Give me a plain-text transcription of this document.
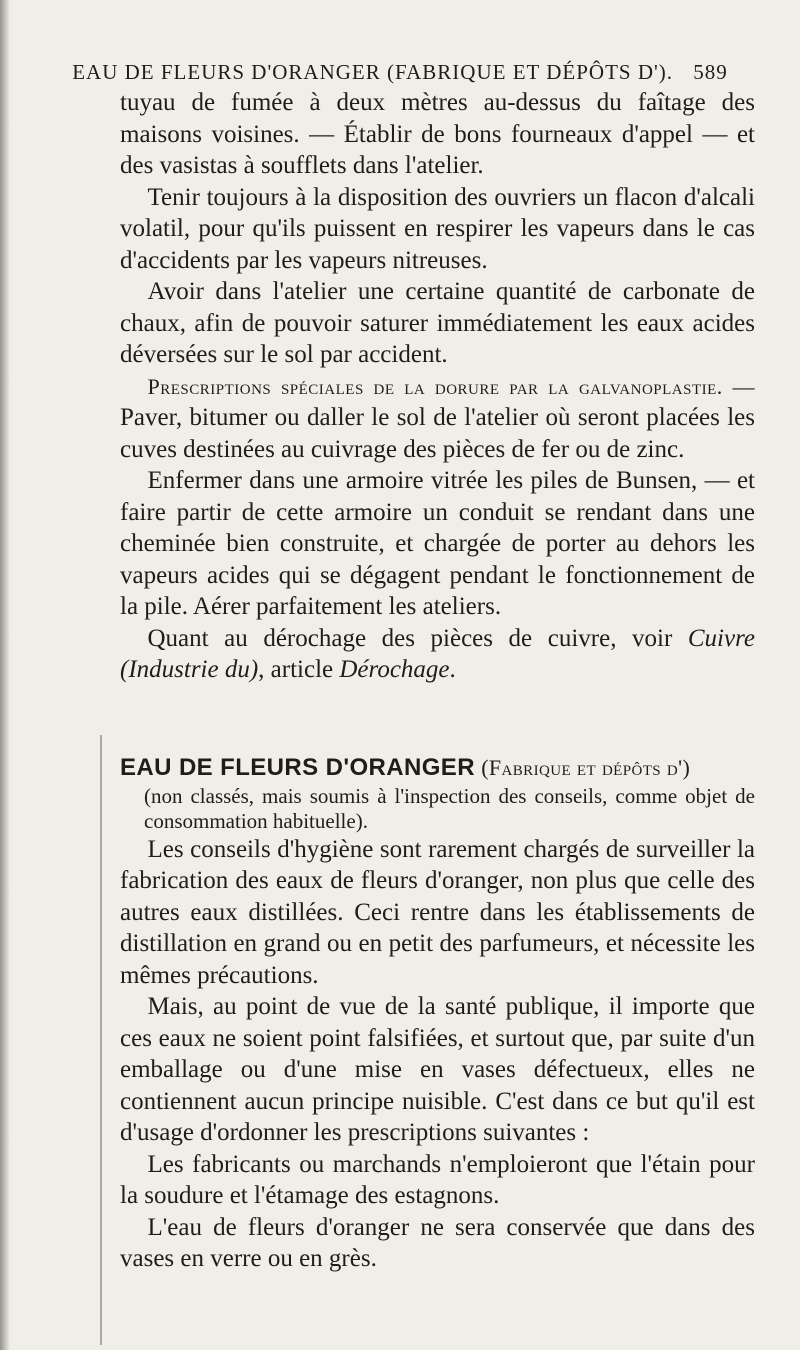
EAU DE FLEURS D'ORANGER (FABRIQUE ET DÉPÔTS D'). 589

tuyau de fumée à deux mètres au-dessus du faîtage des maisons voisines. — Établir de bons fourneaux d'appel — et des vasistas à soufflets dans l'atelier.

Tenir toujours à la disposition des ouvriers un flacon d'alcali volatil, pour qu'ils puissent en respirer les vapeurs dans le cas d'accidents par les vapeurs nitreuses.

Avoir dans l'atelier une certaine quantité de carbonate de chaux, afin de pouvoir saturer immédiatement les eaux acides déversées sur le sol par accident.

Prescriptions spéciales de la dorure par la galvanoplastie. — Paver, bitumer ou daller le sol de l'atelier où seront placées les cuves destinées au cuivrage des pièces de fer ou de zinc.

Enfermer dans une armoire vitrée les piles de Bunsen, — et faire partir de cette armoire un conduit se rendant dans une cheminée bien construite, et chargée de porter au dehors les vapeurs acides qui se dégagent pendant le fonctionnement de la pile. Aérer parfaitement les ateliers.

Quant au dérochage des pièces de cuivre, voir Cuivre (Industrie du), article Dérochage.

EAU DE FLEURS D'ORANGER (Fabrique et dépôts d')

(non classés, mais soumis à l'inspection des conseils, comme objet de consommation habituelle).

Les conseils d'hygiène sont rarement chargés de surveiller la fabrication des eaux de fleurs d'oranger, non plus que celle des autres eaux distillées. Ceci rentre dans les établissements de distillation en grand ou en petit des parfumeurs, et nécessite les mêmes précautions.

Mais, au point de vue de la santé publique, il importe que ces eaux ne soient point falsifiées, et surtout que, par suite d'un emballage ou d'une mise en vases défectueux, elles ne contiennent aucun principe nuisible. C'est dans ce but qu'il est d'usage d'ordonner les prescriptions suivantes :

Les fabricants ou marchands n'emploieront que l'étain pour la soudure et l'étamage des estagnons.

L'eau de fleurs d'oranger ne sera conservée que dans des vases en verre ou en grès.
